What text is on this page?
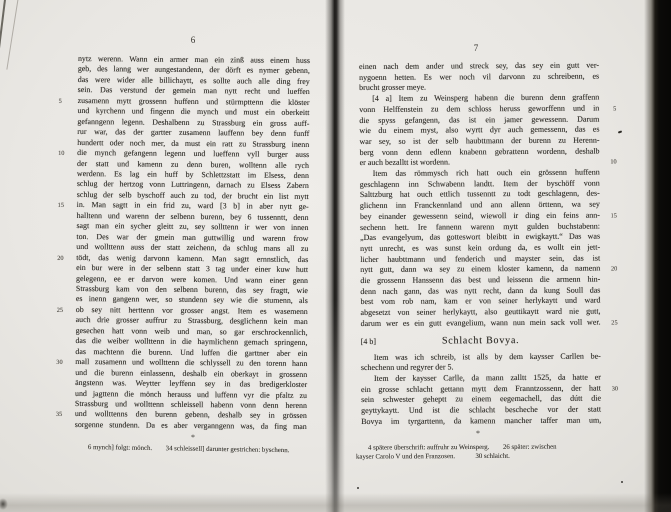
6
nytz werenn. Wann ein armer man ein zinß auss einem huss
geb, des lanng wer aungestandenn, der dörft es nymer gebenn,
das were wider alle billichaytt, es sollte auch alle ding frey
sein. Das verstund der gemein man nytt recht und lueffen
5 zusamenn mytt grossenn huffenn und stürmpttenn die klöster
und kyrchenn und fingenn die mynch und must ein oberkeitt
gefanngenn legenn. Deshalbenn zu Strassburg ein gross auff-
rur war, das der gartter zusamenn lauffenn bey denn funff
hundertt oder noch mer, da must ein ratt zu Strassburg inenn
10 die mynch gefangenn legenn und lueffenn vyll burger auss
der statt und kamenn zu denn buren, wolltenn alle rych
werdenn. Es lag ein huff by Schlettzstatt im Elsess, denn
schlug der hertzog vonn Luttringenn, darnach zu Elsess Zabern
schlug der selb byschoff auch zu tod, der brucht ein list mytt
15 in. Man sagtt in ein frid zu, ward [3 b] in aber nytt ge-
halltenn und warenn der selbenn burenn, bey 6 tussenntt, denn
sagt man ein sycher gleitt zu, sey sollttenn ir wer von innen
ton. Des war der gmein man guttwillig und warenn frow
und wollttenn auss der statt zeichenn, da schlug mans all zu
20 tödt, das wenig darvonn kamenn. Man sagtt ernnstlich, das
ein bur were in der selbenn statt 3 tag under einer kuw hutt
gelegenn, ee er darvon were komen. Und wann einer genn
Strassburg kam von den selbenn burenn, das sey fragtt, wie
es inenn gangenn wer, so stundenn sey wie die stumenn, als
25 ob sey nitt herttenn vor grosser angst. Item es wasemenn
auch drie grosser auffrur zu Strassburg, desglichenn kein man
gesechen hatt vonn weib und man, so gar erschrockennlich,
das die weiber wollttenn in die haymlichenn gemach springenn,
das machtenn die burenn. Und luffen die garttner aber ein
30 mall zusamenn und wollttenn die schlyssell zu den torenn hann
und die burenn einlassenn, deshalb ein oberkayt in grossenn
ängstenn was. Weytter leyffenn sey in das bredigerkloster
und jagttenn die mönch herauss und luffenn vyr die pfaltz zu
Strassburg und wollttenn schleissell habenn vonn denn herenn
35 und wollttenns den burenn gebenn, deshalb sey in grössen
sorgenne stundenn. Da es aber verganngenn was, da fing man
*
6 mynch] folgt: mönch.  34 schleissell] darunter gestrichen: byschenn.
7
einen nach dem ander und streck sey, das sey ein gutt ver-
nygoenn hetten. Es wer noch vil darvonn zu schreibenn, es
brucht grosser meye.
[4 a] Item zu Weinsperg habenn die burenn denn graffenn
5
vonn Helffenstein zu dem schloss heruss geworffenn und in
die spyss gefangenn, das ist ein jamer gewessenn. Darum
wie du einem myst, also wyrtt dyr auch gemessenn, das es
war sey, so ist der selb haubttmann der burenn zu Herenn-
berg vonn denn edlenn knabenn gebrattenn wordenn, deshalb
10
er auch bezalltt ist wordenn.
Item das römmysch rich hatt ouch ein grössenn huffenn
geschlagenn inn Schwabenn landtt. Item der byschöff vonn
Salttzburg hat ouch ettlich tussenntt zu todt geschlagenn, des-
glichenn inn Franckennland und ann allenn örttenn, wa sey
15
bey einander gewessenn seind, wiewoll ir ding ein feins ann-
sechenn hett. Ire fannenn warenn mytt gulden buchstabenn:
„Das evangelyum, das gotteswort bleibtt in ewigkaytt.“ Das was
nytt unrecht, es was sunst kein ordung da, es wollt ein jett-
licher haubttmann und fenderich und mayster sein, das ist
20
nytt gutt, dann wa sey zu einem kloster kamenn, da namenn
die grossenn Hanssenn das best und leissenn die armenn hin-
denn nach gann, das was nytt recht, dann da kung Soull das
best vom rob nam, kam er von seiner herlykaytt und ward
abgesetzt von seiner herlykaytt, also geuttikaytt ward nie gutt,
25
darum wer es ein gutt evangelium, wann nun mein sack voll wer.
[4 b]	Schlacht Bovya.
Item was ich schreib, ist alls by dem kaysser Carllen be-
schechenn und regyrer der 5.
Item der kaysser Carlle, da mann zalltt 1525, da hatte er
30
ein grosse schlacht gettann mytt dem Franntzossenn, der hatt
sein schwester geheptt zu einem eegemachell, das dútt die
geyttykaytt. Und ist die schlacht bescheche vor der statt
Bovya im tyrgarttenn, da kamenn mancher taffer man um,
*
4 spätere überschrift: auffruhr zu Weinsperg.  26 später: zwischen
kayser Carolo V und den Franzosen.   30 schlaicht.
